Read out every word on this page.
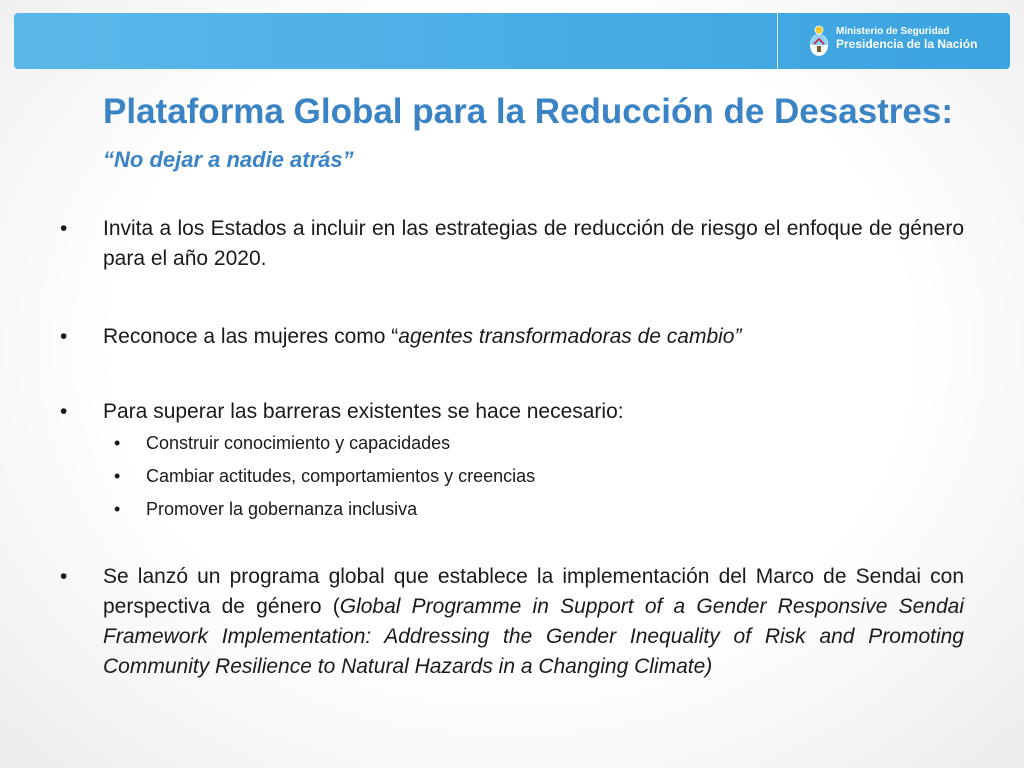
Ministerio de Seguridad
Presidencia de la Nación
Plataforma Global para la Reducción de Desastres: “No dejar a nadie atrás”
• Invita a los Estados a incluir en las estrategias de reducción de riesgo el enfoque de género para el año 2020.
• Reconoce a las mujeres como “agentes transformadoras de cambio”
• Para superar las barreras existentes se hace necesario:
• Construir conocimiento y capacidades
• Cambiar actitudes, comportamientos y creencias
• Promover la gobernanza inclusiva
• Se lanzó un programa global que establece la implementación del Marco de Sendai con perspectiva de género (Global Programme in Support of a Gender Responsive Sendai Framework Implementation: Addressing the Gender Inequality of Risk and Promoting Community Resilience to Natural Hazards in a Changing Climate)
